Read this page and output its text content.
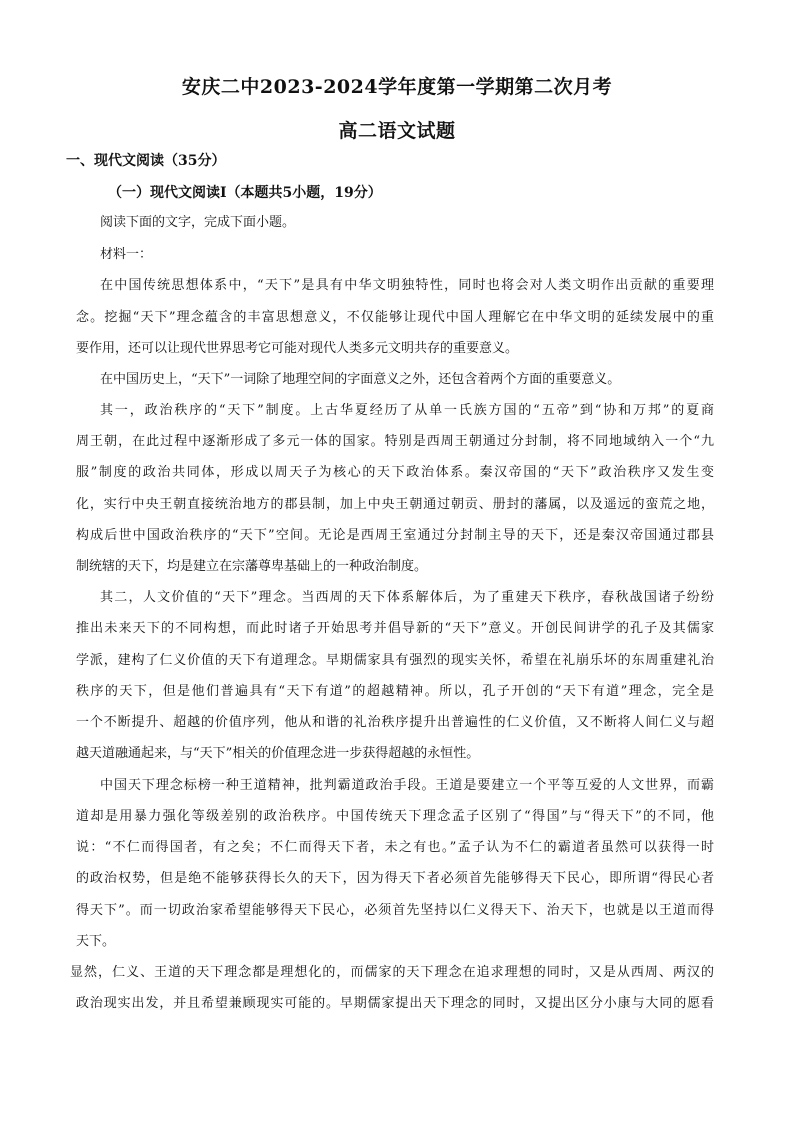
安庆二中2023-2024学年度第一学期第二次月考
高二语文试题
一、现代文阅读（35分）
（一）现代文阅读Ⅰ（本题共5小题，19分）
阅读下面的文字，完成下面小题。
材料一：
在中国传统思想体系中，“天下”是具有中华文明独特性，同时也将会对人类文明作出贡献的重要理
念。挖掘“天下”理念蕴含的丰富思想意义，不仅能够让现代中国人理解它在中华文明的延续发展中的重
要作用，还可以让现代世界思考它可能对现代人类多元文明共存的重要意义。
在中国历史上，“天下”一词除了地理空间的字面意义之外，还包含着两个方面的重要意义。
其一，政治秩序的“天下”制度。上古华夏经历了从单一氏族方国的“五帝”到“协和万邦”的夏商
周王朝，在此过程中逐渐形成了多元一体的国家。特别是西周王朝通过分封制，将不同地域纳入一个“九
服”制度的政治共同体，形成以周天子为核心的天下政治体系。秦汉帝国的“天下”政治秩序又发生变
化，实行中央王朝直接统治地方的郡县制，加上中央王朝通过朝贡、册封的藩属，以及遥远的蛮荒之地，
构成后世中国政治秩序的“天下”空间。无论是西周王室通过分封制主导的天下，还是秦汉帝国通过郡县
制统辖的天下，均是建立在宗藩尊卑基础上的一种政治制度。
其二，人文价值的“天下”理念。当西周的天下体系解体后，为了重建天下秩序，春秋战国诸子纷纷
推出未来天下的不同构想，而此时诸子开始思考并倡导新的“天下”意义。开创民间讲学的孔子及其儒家
学派，建构了仁义价值的天下有道理念。早期儒家具有强烈的现实关怀，希望在礼崩乐坏的东周重建礼治
秩序的天下，但是他们普遍具有“天下有道”的超越精神。所以，孔子开创的“天下有道”理念，完全是
一个不断提升、超越的价值序列，他从和谐的礼治秩序提升出普遍性的仁义价值，又不断将人间仁义与超
越天道融通起来，与“天下”相关的价值理念进一步获得超越的永恒性。
中国天下理念标榜一种王道精神，批判霸道政治手段。王道是要建立一个平等互爱的人文世界，而霸
道却是用暴力强化等级差别的政治秩序。中国传统天下理念孟子区别了“得国”与“得天下”的不同，他
说：“不仁而得国者，有之矣；不仁而得天下者，未之有也。”孟子认为不仁的霸道者虽然可以获得一时
的政治权势，但是绝不能够获得长久的天下，因为得天下者必须首先能够得天下民心，即所谓“得民心者
得天下”。而一切政治家希望能够得天下民心，必须首先坚持以仁义得天下、治天下，也就是以王道而得
天下。
显然，仁义、王道的天下理念都是理想化的，而儒家的天下理念在追求理想的同时，又是从西周、两汉的
政治现实出发，并且希望兼顾现实可能的。早期儒家提出天下理念的同时，又提出区分小康与大同的愿看
